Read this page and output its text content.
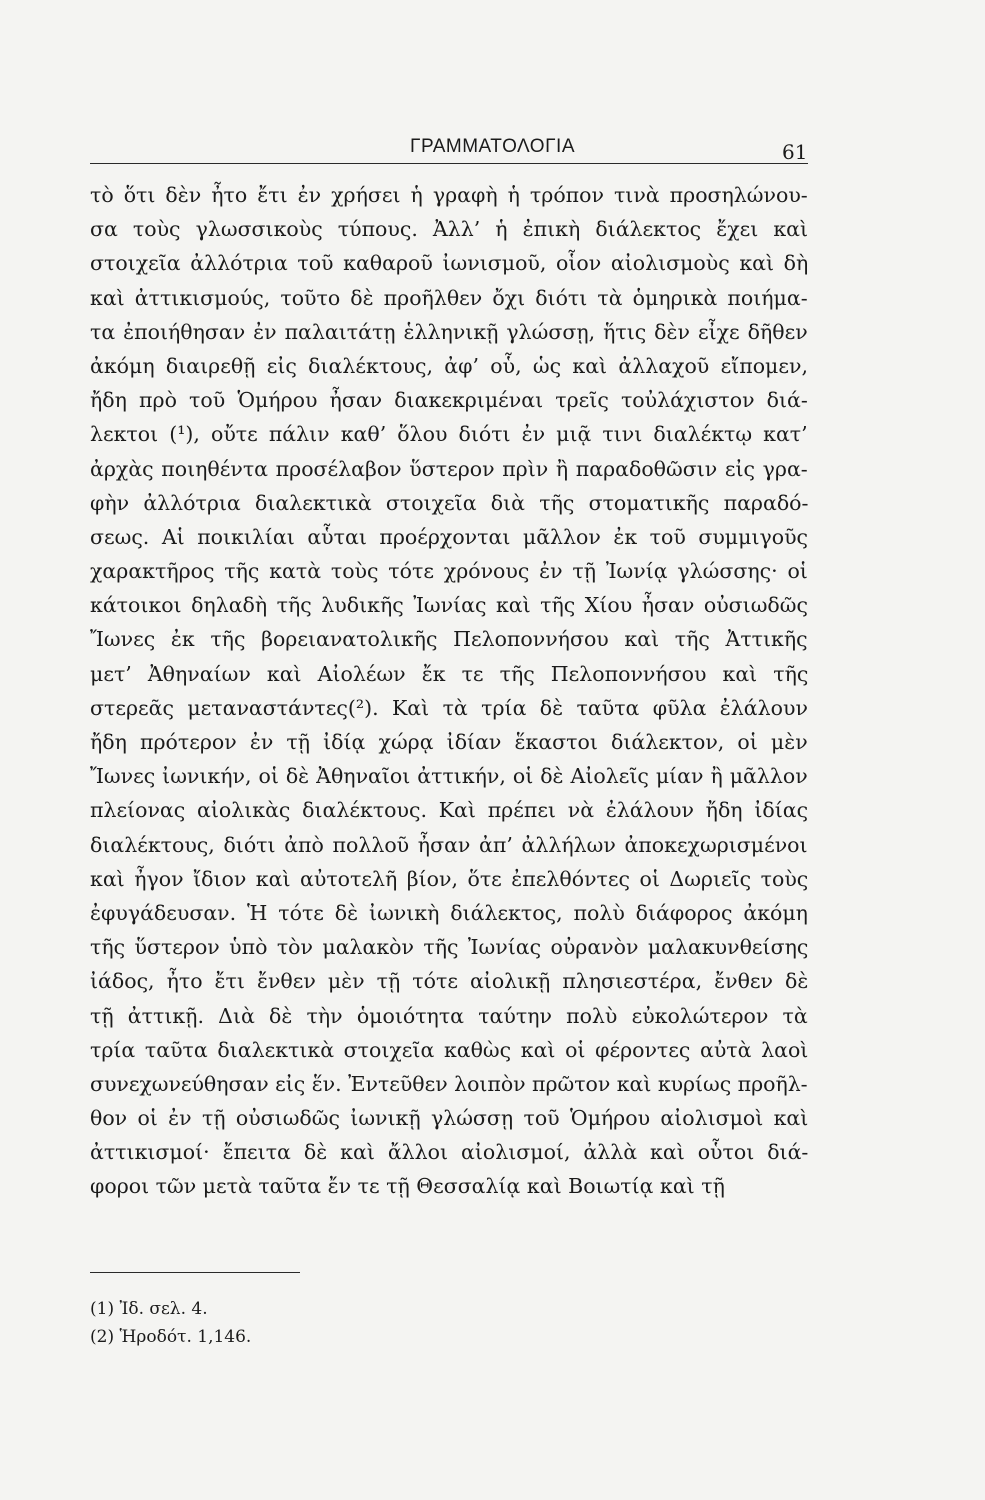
ΓΡΑΜΜΑΤΟΛΟΓΙΑ	61
τὸ ὅτι δὲν ἦτο ἔτι ἐν χρήσει ἡ γραφὴ ἡ τρόπον τινὰ προσηλώνου-
σα τοὺς γλωσσικοὺς τύπους. Ἀλλ’ ἡ ἐπικὴ διάλεκτος ἔχει καὶ
στοιχεῖα ἀλλότρια τοῦ καθαροῦ ἰωνισμοῦ, οἷον αἰολισμοὺς καὶ δὴ
καὶ ἀττικισμούς, τοῦτο δὲ προῆλθεν ὄχι διότι τὰ ὁμηρικὰ ποιήμα-
τα ἐποιήθησαν ἐν παλαιτάτῃ ἑλληνικῇ γλώσσῃ, ἥτις δὲν εἶχε δῆθεν
ἀκόμη διαιρεθῇ εἰς διαλέκτους, ἀφ’ οὗ, ὡς καὶ ἀλλαχοῦ εἴπομεν,
ἤδη πρὸ τοῦ Ὁμήρου ἦσαν διακεκριμέναι τρεῖς τοὐλάχιστον διά-
λεκτοι (¹), οὔτε πάλιν καθ’ ὅλου διότι ἐν μιᾷ τινι διαλέκτῳ κατ’
ἀρχὰς ποιηθέντα προσέλαβον ὕστερον πρὶν ἢ παραδοθῶσιν εἰς γρα-
φὴν ἀλλότρια διαλεκτικὰ στοιχεῖα διὰ τῆς στοματικῆς παραδό-
σεως. Αἱ ποικιλίαι αὗται προέρχονται μᾶλλον ἐκ τοῦ συμμιγοῦς
χαρακτῆρος τῆς κατὰ τοὺς τότε χρόνους ἐν τῇ Ἰωνίᾳ γλώσσης· οἱ
κάτοικοι δηλαδὴ τῆς λυδικῆς Ἰωνίας καὶ τῆς Χίου ἦσαν οὐσιωδῶς
Ἴωνες ἐκ τῆς βορειανατολικῆς Πελοποννήσου καὶ τῆς Ἀττικῆς
μετ’ Ἀθηναίων καὶ Αἰολέων ἔκ τε τῆς Πελοποννήσου καὶ τῆς
στερεᾶς μεταναστάντες(²). Καὶ τὰ τρία δὲ ταῦτα φῦλα ἐλάλουν
ἤδη πρότερον ἐν τῇ ἰδίᾳ χώρᾳ ἰδίαν ἕκαστοι διάλεκτον, οἱ μὲν
Ἴωνες ἰωνικήν, οἱ δὲ Ἀθηναῖοι ἀττικήν, οἱ δὲ Αἰολεῖς μίαν ἢ μᾶλλον
πλείονας αἰολικὰς διαλέκτους. Καὶ πρέπει νὰ ἐλάλουν ἤδη ἰδίας
διαλέκτους, διότι ἀπὸ πολλοῦ ἦσαν ἀπ’ ἀλλήλων ἀποκεχωρισμένοι
καὶ ἦγον ἴδιον καὶ αὐτοτελῆ βίον, ὅτε ἐπελθόντες οἱ Δωριεῖς τοὺς
ἐφυγάδευσαν. Ἡ τότε δὲ ἰωνικὴ διάλεκτος, πολὺ διάφορος ἀκόμη
τῆς ὕστερον ὑπὸ τὸν μαλακὸν τῆς Ἰωνίας οὐρανὸν μαλακυνθείσης
ἰάδος, ἦτο ἔτι ἔνθεν μὲν τῇ τότε αἰολικῇ πλησιεστέρα, ἔνθεν δὲ
τῇ ἀττικῇ. Διὰ δὲ τὴν ὁμοιότητα ταύτην πολὺ εὐκολώτερον τὰ
τρία ταῦτα διαλεκτικὰ στοιχεῖα καθὼς καὶ οἱ φέροντες αὐτὰ λαοὶ
συνεχωνεύθησαν εἰς ἕν. Ἐντεῦθεν λοιπὸν πρῶτον καὶ κυρίως προῆλ-
θον οἱ ἐν τῇ οὐσιωδῶς ἰωνικῇ γλώσσῃ τοῦ Ὁμήρου αἰολισμοὶ καὶ
ἀττικισμοί· ἔπειτα δὲ καὶ ἄλλοι αἰολισμοί, ἀλλὰ καὶ οὗτοι διά-
φοροι τῶν μετὰ ταῦτα ἔν τε τῇ Θεσσαλίᾳ καὶ Βοιωτίᾳ καὶ τῇ
(1) Ἰδ. σελ. 4.
(2) Ἡροδότ. 1,146.
